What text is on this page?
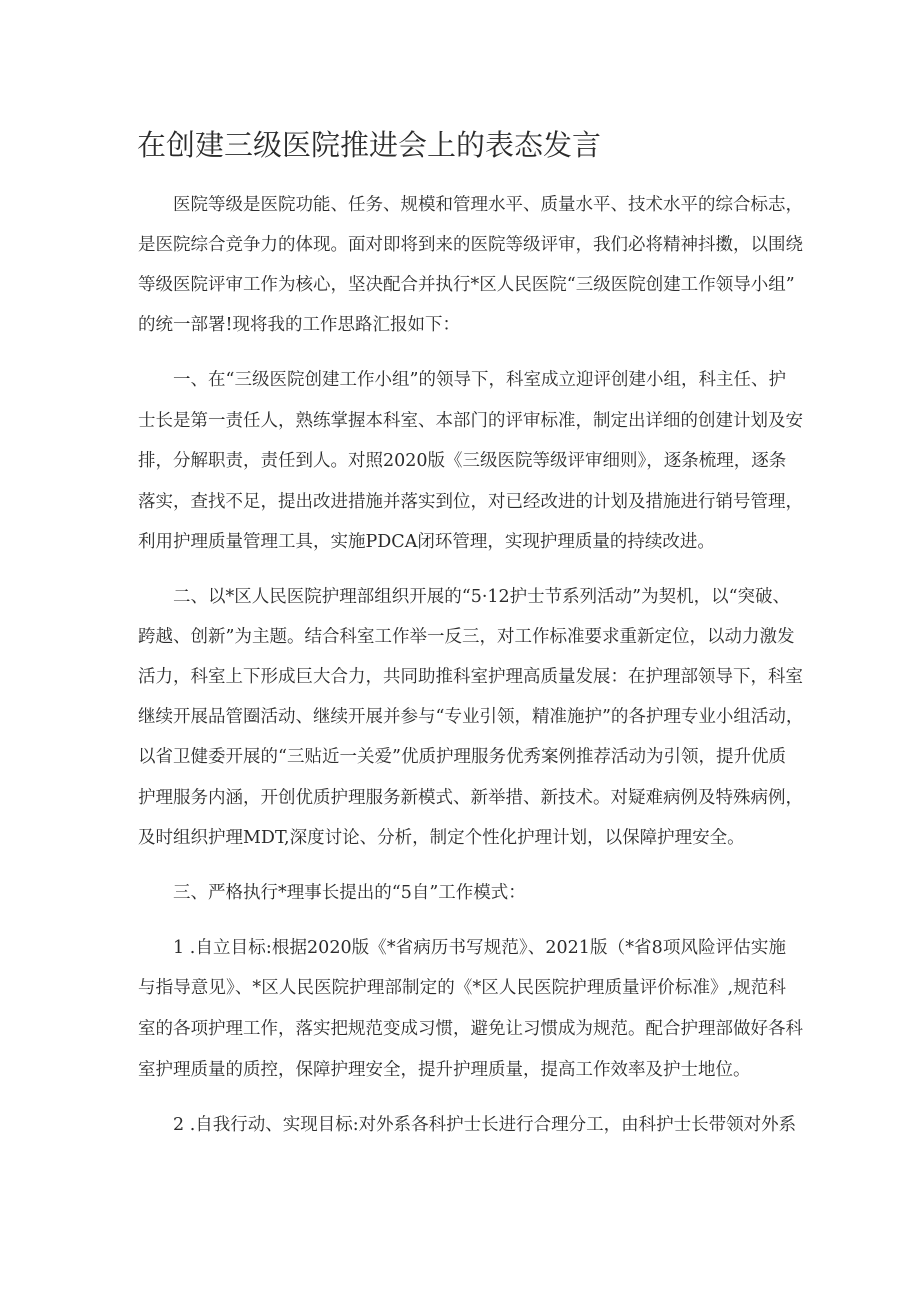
在创建三级医院推进会上的表态发言
医院等级是医院功能、任务、规模和管理水平、质量水平、技术水平的综合标志，
是医院综合竞争力的体现。面对即将到来的医院等级评审，我们必将精神抖擞，以围绕
等级医院评审工作为核心，坚决配合并执行*区人民医院“三级医院创建工作领导小组”
的统一部署!现将我的工作思路汇报如下：
一、在“三级医院创建工作小组”的领导下，科室成立迎评创建小组，科主任、护
士长是第一责任人，熟练掌握本科室、本部门的评审标准，制定出详细的创建计划及安
排，分解职责，责任到人。对照2020版《三级医院等级评审细则》，逐条梳理，逐条
落实，查找不足，提出改进措施并落实到位，对已经改进的计划及措施进行销号管理，
利用护理质量管理工具，实施PDCA闭环管理，实现护理质量的持续改进。
二、以*区人民医院护理部组织开展的“5·12护士节系列活动”为契机，以“突破、
跨越、创新”为主题。结合科室工作举一反三，对工作标准要求重新定位，以动力激发
活力，科室上下形成巨大合力，共同助推科室护理高质量发展：在护理部领导下，科室
继续开展品管圈活动、继续开展并参与“专业引领，精准施护”的各护理专业小组活动，
以省卫健委开展的“三贴近一关爱”优质护理服务优秀案例推荐活动为引领，提升优质
护理服务内涵，开创优质护理服务新模式、新举措、新技术。对疑难病例及特殊病例，
及时组织护理MDT,深度讨论、分析，制定个性化护理计划，以保障护理安全。
三、严格执行*理事长提出的“5自”工作模式：
1 .自立目标:根据2020版《*省病历书写规范》、2021版（*省8项风险评估实施
与指导意见》、*区人民医院护理部制定的《*区人民医院护理质量评价标准》,规范科
室的各项护理工作，落实把规范变成习惯，避免让习惯成为规范。配合护理部做好各科
室护理质量的质控，保障护理安全，提升护理质量，提高工作效率及护士地位。
2 .自我行动、实现目标:对外系各科护士长进行合理分工，由科护士长带领对外系
